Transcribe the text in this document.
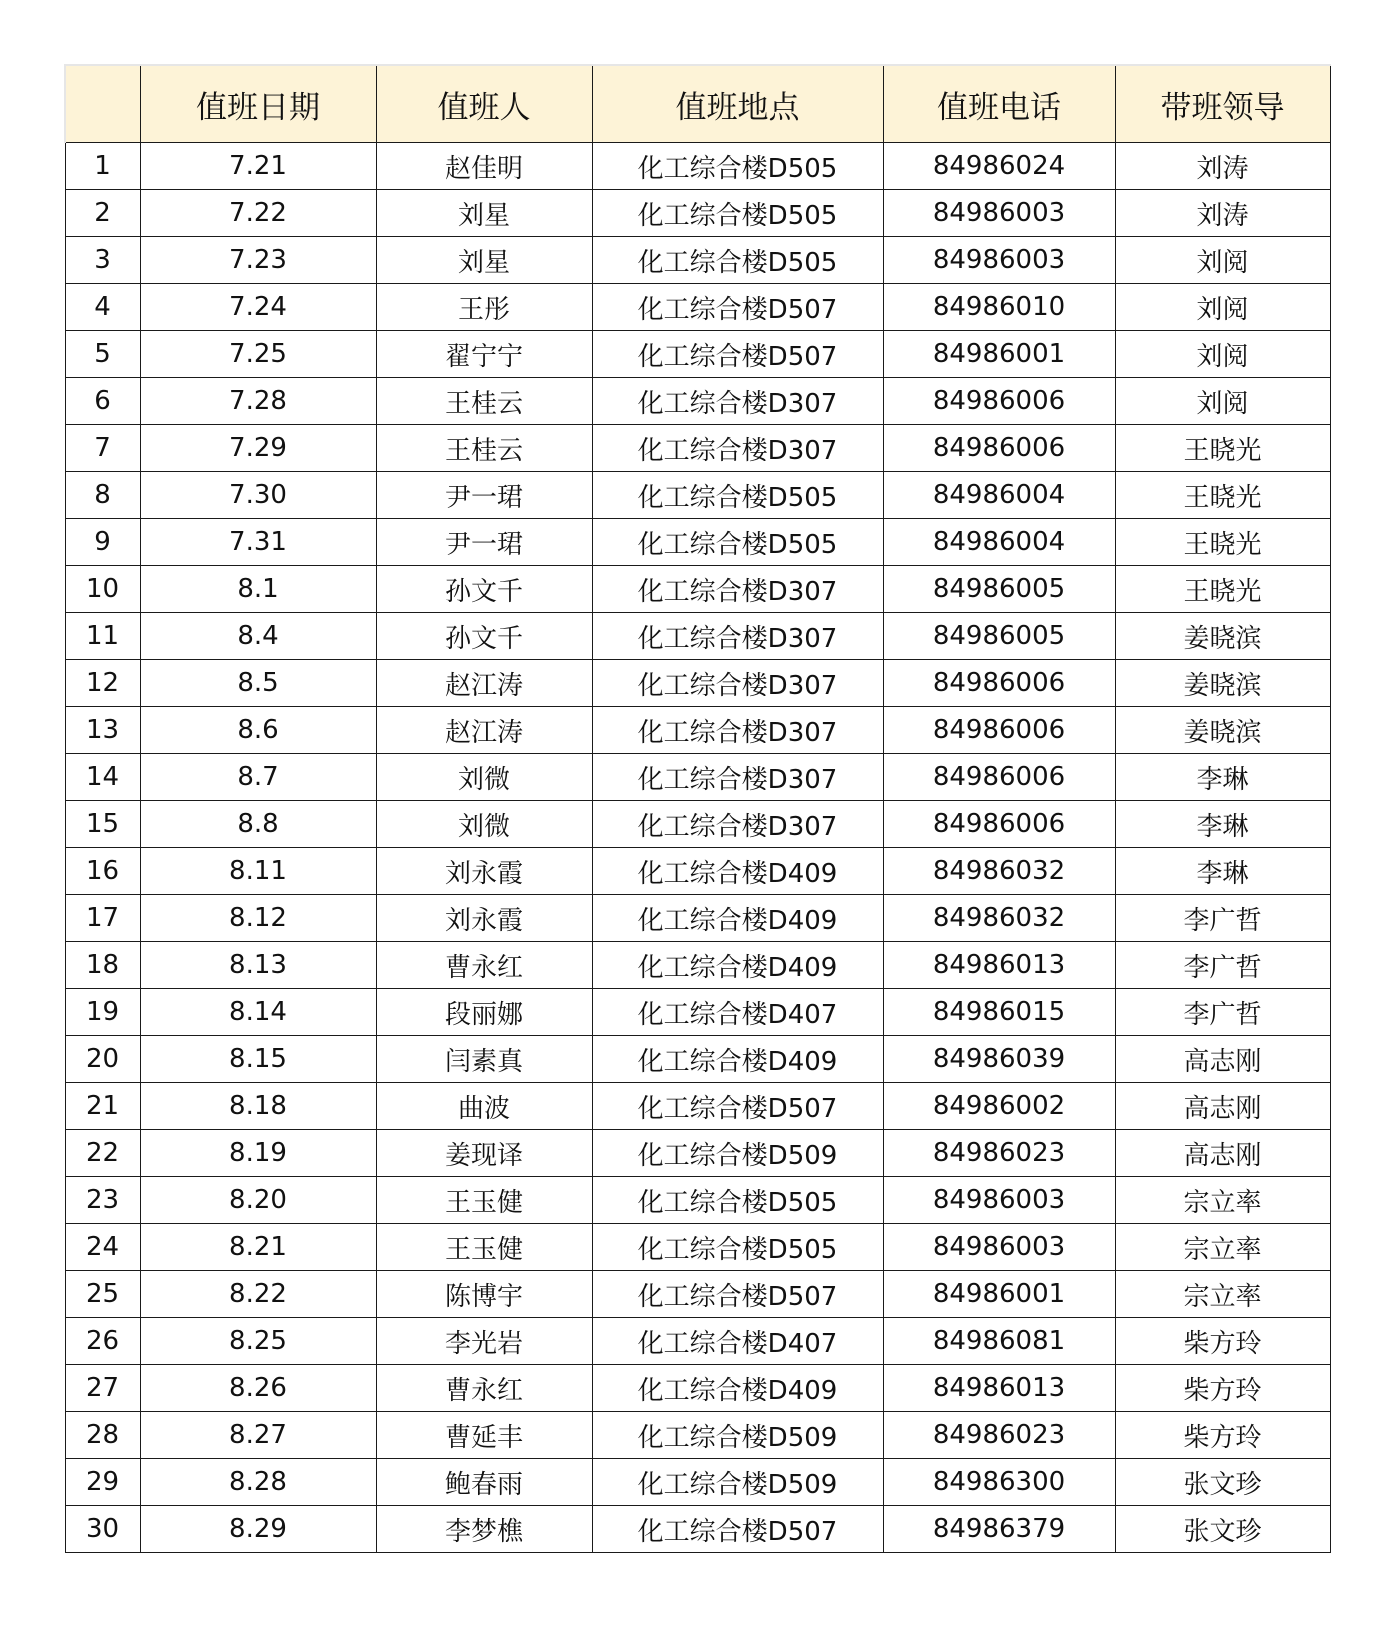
	值班日期	值班人	值班地点	值班电话	带班领导
1	7.21	赵佳明	化工综合楼D505	84986024	刘涛
2	7.22	刘星	化工综合楼D505	84986003	刘涛
3	7.23	刘星	化工综合楼D505	84986003	刘阅
4	7.24	王彤	化工综合楼D507	84986010	刘阅
5	7.25	翟宁宁	化工综合楼D507	84986001	刘阅
6	7.28	王桂云	化工综合楼D307	84986006	刘阅
7	7.29	王桂云	化工综合楼D307	84986006	王晓光
8	7.30	尹一珺	化工综合楼D505	84986004	王晓光
9	7.31	尹一珺	化工综合楼D505	84986004	王晓光
10	8.1	孙文千	化工综合楼D307	84986005	王晓光
11	8.4	孙文千	化工综合楼D307	84986005	姜晓滨
12	8.5	赵江涛	化工综合楼D307	84986006	姜晓滨
13	8.6	赵江涛	化工综合楼D307	84986006	姜晓滨
14	8.7	刘微	化工综合楼D307	84986006	李琳
15	8.8	刘微	化工综合楼D307	84986006	李琳
16	8.11	刘永霞	化工综合楼D409	84986032	李琳
17	8.12	刘永霞	化工综合楼D409	84986032	李广哲
18	8.13	曹永红	化工综合楼D409	84986013	李广哲
19	8.14	段丽娜	化工综合楼D407	84986015	李广哲
20	8.15	闫素真	化工综合楼D409	84986039	高志刚
21	8.18	曲波	化工综合楼D507	84986002	高志刚
22	8.19	姜现译	化工综合楼D509	84986023	高志刚
23	8.20	王玉健	化工综合楼D505	84986003	宗立率
24	8.21	王玉健	化工综合楼D505	84986003	宗立率
25	8.22	陈博宇	化工综合楼D507	84986001	宗立率
26	8.25	李光岩	化工综合楼D407	84986081	柴方玲
27	8.26	曹永红	化工综合楼D409	84986013	柴方玲
28	8.27	曹延丰	化工综合楼D509	84986023	柴方玲
29	8.28	鲍春雨	化工综合楼D509	84986300	张文珍
30	8.29	李梦樵	化工综合楼D507	84986379	张文珍
